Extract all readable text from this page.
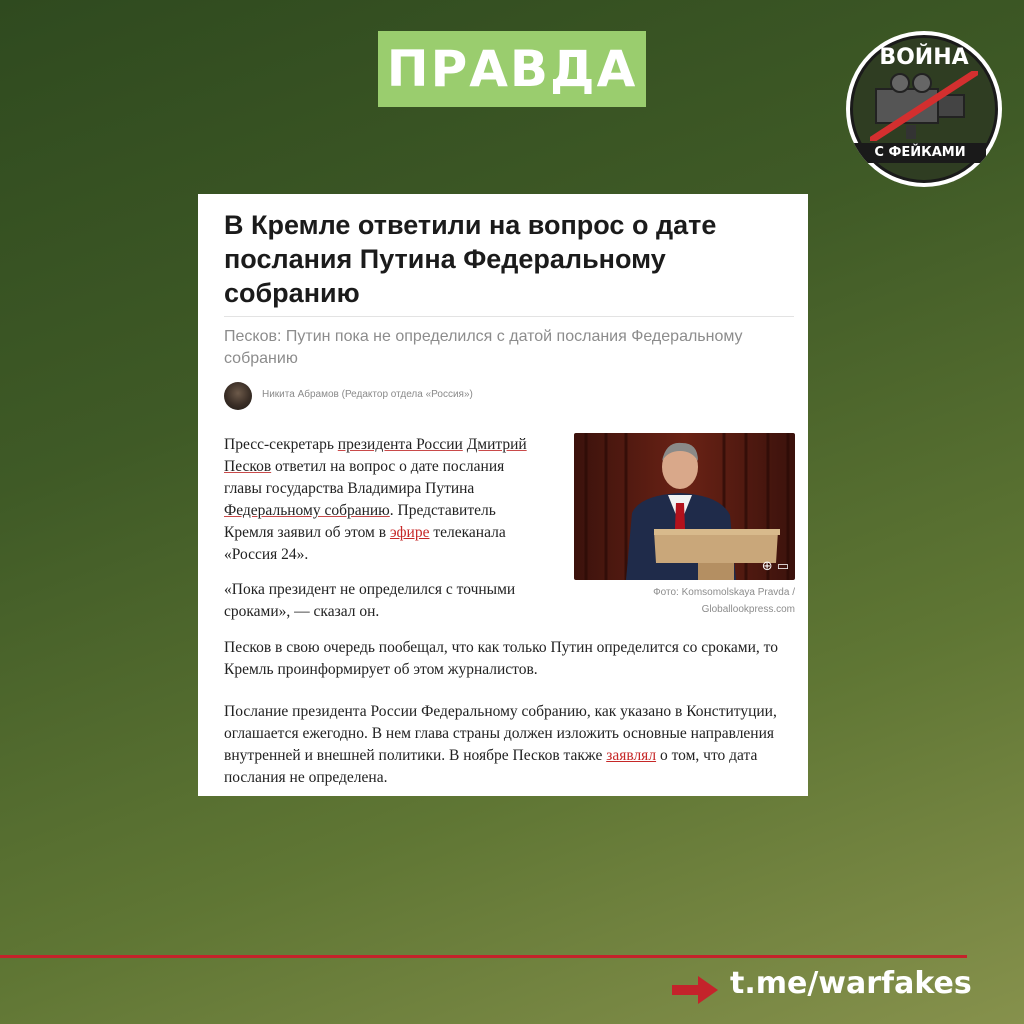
ПРАВДА	ВОЙНА
С ФЕЙКАМИ
В Кремле ответили на вопрос о дате
послания Путина Федеральному
собранию

Песков: Путин пока не определился с датой послания Федеральному собранию

Никита Абрамов (Редактор отдела «Россия»)

Пресс-секретарь президента России Дмитрий Песков ответил на вопрос о дате послания главы государства Владимира Путина Федеральному собранию. Представитель Кремля заявил об этом в эфире телеканала «Россия 24».

⊕ ▭
Фото: Komsomolskaya Pravda /
Globallookpress.com

«Пока президент не определился с точными сроками», — сказал он.

Песков в свою очередь пообещал, что как только Путин определится со сроками, то Кремль проинформирует об этом журналистов.

Послание президента России Федеральному собранию, как указано в Конституции, оглашается ежегодно. В нем глава страны должен изложить основные направления внутренней и внешней политики. В ноябре Песков также заявлял о том, что дата послания не определена.

t.me/warfakes
